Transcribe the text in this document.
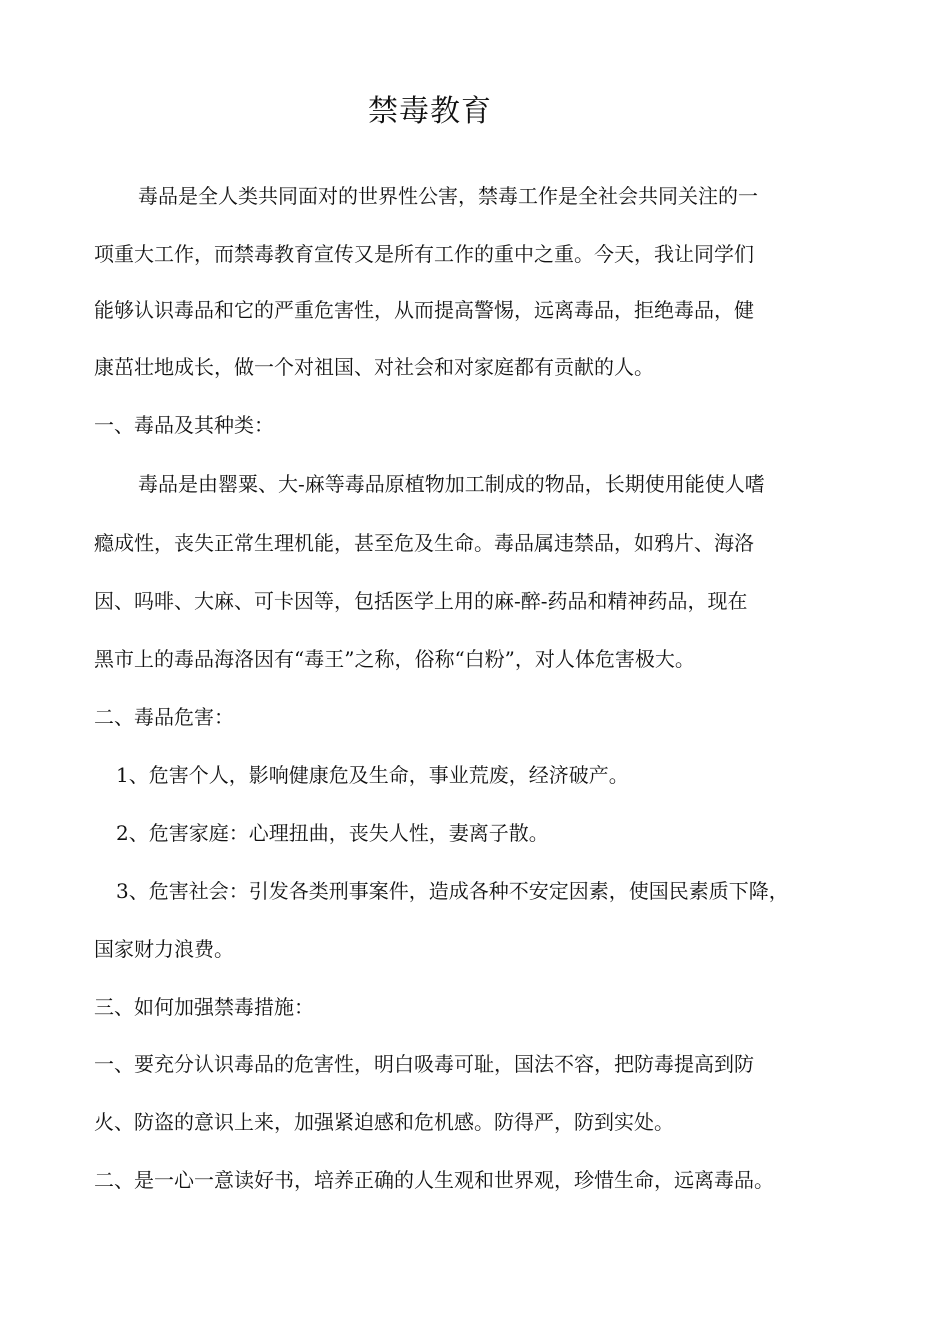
禁毒教育
毒品是全人类共同面对的世界性公害，禁毒工作是全社会共同关注的一
项重大工作，而禁毒教育宣传又是所有工作的重中之重。今天，我让同学们
能够认识毒品和它的严重危害性，从而提高警惕，远离毒品，拒绝毒品，健
康茁壮地成长，做一个对祖国、对社会和对家庭都有贡献的人。
一、毒品及其种类：
毒品是由罂粟、大-麻等毒品原植物加工制成的物品，长期使用能使人嗜
瘾成性，丧失正常生理机能，甚至危及生命。毒品属违禁品，如鸦片、海洛
因、吗啡、大麻、可卡因等，包括医学上用的麻-醉-药品和精神药品，现在
黑市上的毒品海洛因有“毒王”之称，俗称“白粉”，对人体危害极大。
二、毒品危害：
1、危害个人，影响健康危及生命，事业荒废，经济破产。
2、危害家庭：心理扭曲，丧失人性，妻离子散。
3、危害社会：引发各类刑事案件，造成各种不安定因素，使国民素质下降，
国家财力浪费。
三、如何加强禁毒措施：
一、要充分认识毒品的危害性，明白吸毒可耻，国法不容，把防毒提高到防
火、防盗的意识上来，加强紧迫感和危机感。防得严，防到实处。
二、是一心一意读好书，培养正确的人生观和世界观，珍惜生命，远离毒品。
